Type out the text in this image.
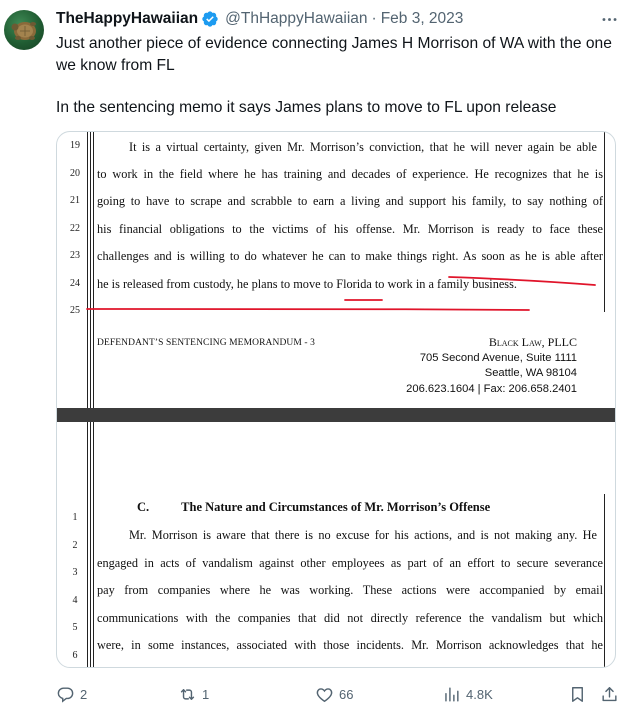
TheHappyHawaiian @ThHappyHawaiian · Feb 3, 2023

Just another piece of evidence connecting James H Morrison of WA with the one we know from FL

In the sentencing memo it says James plans to move to FL upon release

19
20
21
22
23
24
25
It is a virtual certainty, given Mr. Morrison’s conviction, that he will never again be able
to work in the field where he has training and decades of experience. He recognizes that he is
going to have to scrape and scrabble to earn a living and support his family, to say nothing of
his financial obligations to the victims of his offense. Mr. Morrison is ready to face these
challenges and is willing to do whatever he can to make things right. As soon as he is able after
he is released from custody, he plans to move to Florida to work in a family business.
DEFENDANT’S SENTENCING MEMORANDUM - 3	Black Law, PLLC
705 Second Avenue, Suite 1111
Seattle, WA 98104
206.623.1604 | Fax: 206.658.2401
C.	The Nature and Circumstances of Mr. Morrison’s Offense
1
2
3
4
5
6
Mr. Morrison is aware that there is no excuse for his actions, and is not making any. He
engaged in acts of vandalism against other employees as part of an effort to secure severance
pay from companies where he was working. These actions were accompanied by email
communications with the companies that did not directly reference the vandalism but which
were, in some instances, associated with those incidents. Mr. Morrison acknowledges that he
2	1	66	4.8K
